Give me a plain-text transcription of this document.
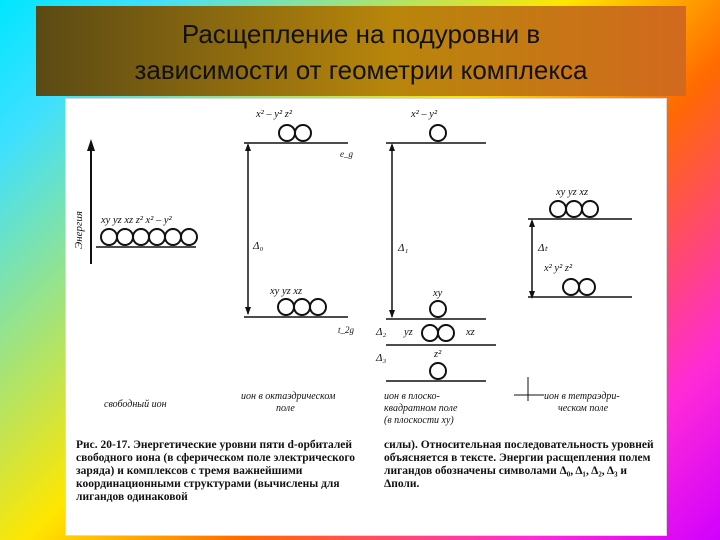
Расщепление на подуровни в
зависимости от геометрии комплекса
Энергия xy yz xz z² x² – y²
свободный ион
x² – y² z²
e_g
Δ₀
xy yz xz
t_2g
ион в октаэдрическом
поле
x² – y²
Δ₁
xy
Δ₂ yz	xz
Δ₃	z²
ион в плоско-
квадратном поле
(в плоскости xy)
xy yz xz
Δₜ
x² y² z²
ион в тетраэдри-
ческом поле
Рис. 20-17. Энергетические уровни пяти d-орбиталей свободного иона (в сферическом поле электрического заряда) и комплексов с тремя важнейшими координационными структурами (вычислены для лигандов одинаковой
силы). Относительная последовательность уровней объясняется в тексте. Энергии расщепления полем лигандов обозначены символами Δ₀, Δ₁, Δ₂, Δ₃ и Δполи.
